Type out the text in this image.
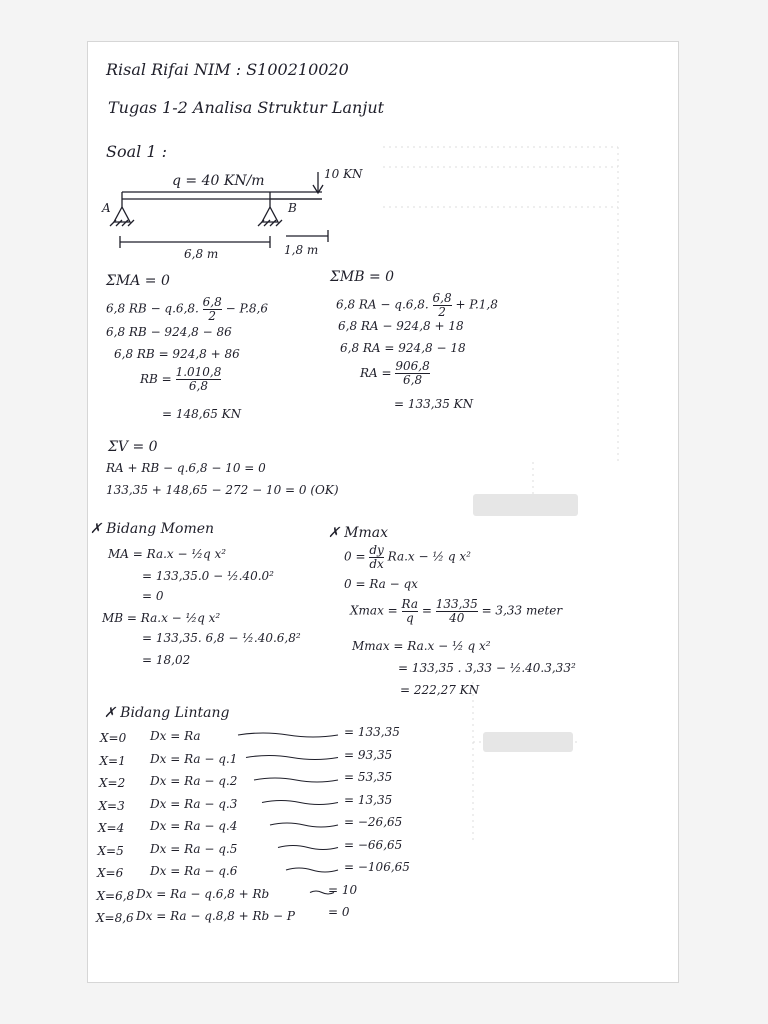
Risal Rifai NIM : S100210020
Tugas 1-2 Analisa Struktur Lanjut
Soal 1 :
q = 40 KN/m	10 KN
A	B
6,8 m	1,8 m
ΣMA = 0
6,8 RB − q.6,8. $\frac{6,8}{2} - P.8,6$
6,8 RB − 924,8 − 86
6,8 RB = 924,8 + 86
RB = $\frac{1.010,8}{6,8}$
= 148,65 KN
ΣMB = 0
6,8 RA − q.6,8. $\frac{6,8}{2} + P.1,8$
6,8 RA − 924,8 + 18
6,8 RA = 924,8 − 18
RA = $\frac{906,8}{6,8}$
= 133,35 KN
ΣV = 0
RA + RB − q.6,8 − 10 = 0
133,35 + 148,65 − 272 − 10 = 0 (OK)
✗ Bidang Momen
MA = Ra.x − ½q x²
= 133,35.0 − ½.40.0²
= 0
MB = Ra.x − ½q x²
= 133,35. 6,8 − ½.40.6,8²
= 18,02
✗ Mmax
$0 = \frac{dy}{dx} Ra.x$ − ½ q x²
0 = Ra − qx
$Xmax = \frac{Ra}{q} = \frac{133,35}{40} = 3,33$ meter
Mmax = Ra.x − ½ q x²
= 133,35 . 3,33 − ½.40.3,33²
= 222,27 KN
✗ Bidang Lintang
X=0 Dx = Ra	= 133,35
X=1 Dx = Ra − q.1	= 93,35
X=2 Dx = Ra − q.2	= 53,35
X=3 Dx = Ra − q.3	= 13,35
X=4 Dx = Ra − q.4	= −26,65
X=5 Dx = Ra − q.5	= −66,65
X=6 Dx = Ra − q.6	= −106,65
X=6,8 Dx = Ra − q.6,8 + Rb	= 10
X=8,6 Dx = Ra − q.8,8 + Rb − P	= 0
